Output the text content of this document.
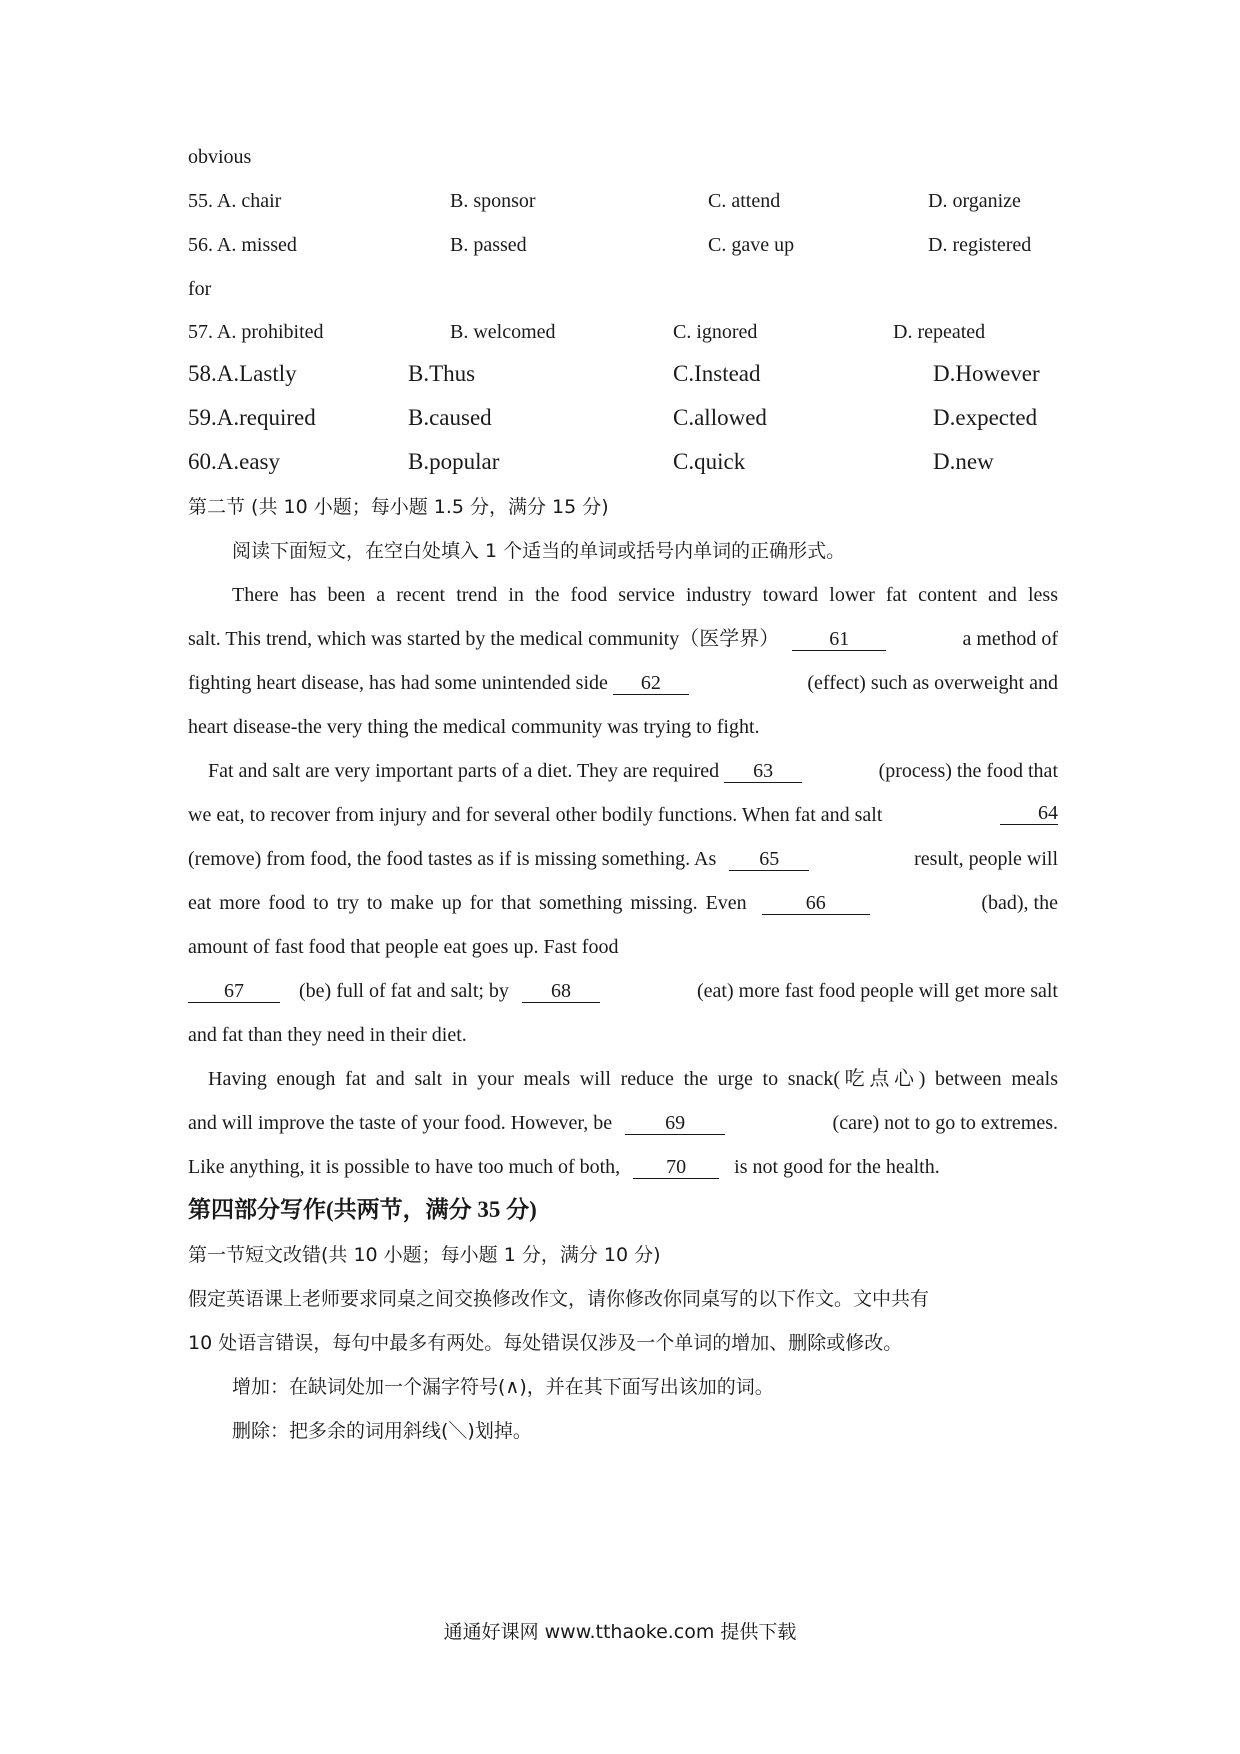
obvious
55. A. chair	B. sponsor	C. attend	D. organize
56. A. missed	B. passed	C. gave up	D. registered
for
57. A. prohibited	B. welcomed	C. ignored	D. repeated
58.A.Lastly	B.Thus	C.Instead	D.However
59.A.required	B.caused	C.allowed	D.expected
60.A.easy	B.popular	C.quick	D.new
第二节 (共 10 小题；每小题 1.5 分，满分 15 分)
阅读下面短文，在空白处填入 1 个适当的单词或括号内单词的正确形式。
There has been a recent trend in the food service industry toward lower fat content and less
salt. This trend, which was started by the medical community（医学界）	61	a method of
fighting heart disease, has had some unintended side 62	(effect) such as overweight and
heart disease-the very thing the medical community was trying to fight.
Fat and salt are very important parts of a diet. They are required 63	(process) the food that
we eat, to recover from injury and for several other bodily functions. When fat and salt	64
(remove) from food, the food tastes as if is missing something. As 65	result, people will
eat more food to try to make up for that something missing. Even	66	(bad), the
amount of fast food that people eat goes up. Fast food
67	(be) full of fat and salt; by 68	(eat) more fast food people will get more salt
and fat than they need in their diet.
Having enough fat and salt in your meals will reduce the urge to snack(吃点心) between meals
and will improve the taste of your food. However, be	69	(care) not to go to extremes.
Like anything, it is possible to have too much of both, 70 is not good for the health.
第四部分写作(共两节，满分 35 分)
第一节短文改错(共 10 小题；每小题 1 分，满分 10 分)
假定英语课上老师要求同桌之间交换修改作文，请你修改你同桌写的以下作文。文中共有
10 处语言错误，每句中最多有两处。每处错误仅涉及一个单词的增加、删除或修改。
增加：在缺词处加一个漏字符号(∧)，并在其下面写出该加的词。
删除：把多余的词用斜线(＼)划掉。
通通好课网 www.tthaoke.com 提供下载
